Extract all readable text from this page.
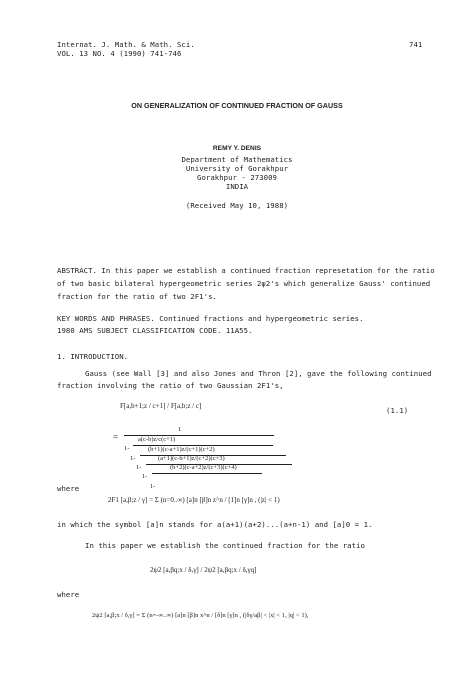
Internat. J. Math. & Math. Sci.
VOL. 13 NO. 4 (1990) 741-746
741
ON GENERALIZATION OF CONTINUED FRACTION OF GAUSS
REMY Y. DENIS
Department of Mathematics
University of Gorakhpur
Gorakhpur - 273009
INDIA
(Received May 10, 1988)
ABSTRACT. In this paper we establish a continued fraction represetation for the ratio
of two basic bilateral hypergeometric series 2ψ2's which generalize Gauss' continued
fraction for the ratio of two 2F1's.
KEY WORDS AND PHRASES. Continued fractions and hypergeometric series.
1980 AMS SUBJECT CLASSIFICATION CODE. 11A55.
1. INTRODUCTION.
Gauss (see Wall [3] and also Jones and Thron [2], gave the following continued
fraction involving the ratio of two Gaussian 2F1's,
F[a,b+1;z / c+1] / F[a,b;z / c]	(1.1)
=
1
a(c-b)z/c(c+1)
1-	(b+1)(c-a+1)z/(c+1)(c+2)
1-	(a+1)(c-b+1)z/(c+2)(c+3)
1-	(b+2)(c-a+2)z/(c+3)(c+4)
1-
1-
where
2F1 [a,β;z / γ] = Σ (n=0..∞) [a]n [β]n z^n / [1]n [γ]n , (|z| < 1)
in which the symbol [a]n stands for a(a+1)(a+2)...(a+n-1) and [a]0 = 1.
In this paper we establish the continued fraction for the ratio
2ψ2 [a,βq;x / δ,γ] / 2ψ2 [a,βq;x / δ,γq]
where
2ψ2 [a,β;x / δ,γ] = Σ (n=-∞..∞) [a]n [β]n x^n / [δ]n [γ]n , (|δγ/aβ| < |x| < 1, |q| < 1),
